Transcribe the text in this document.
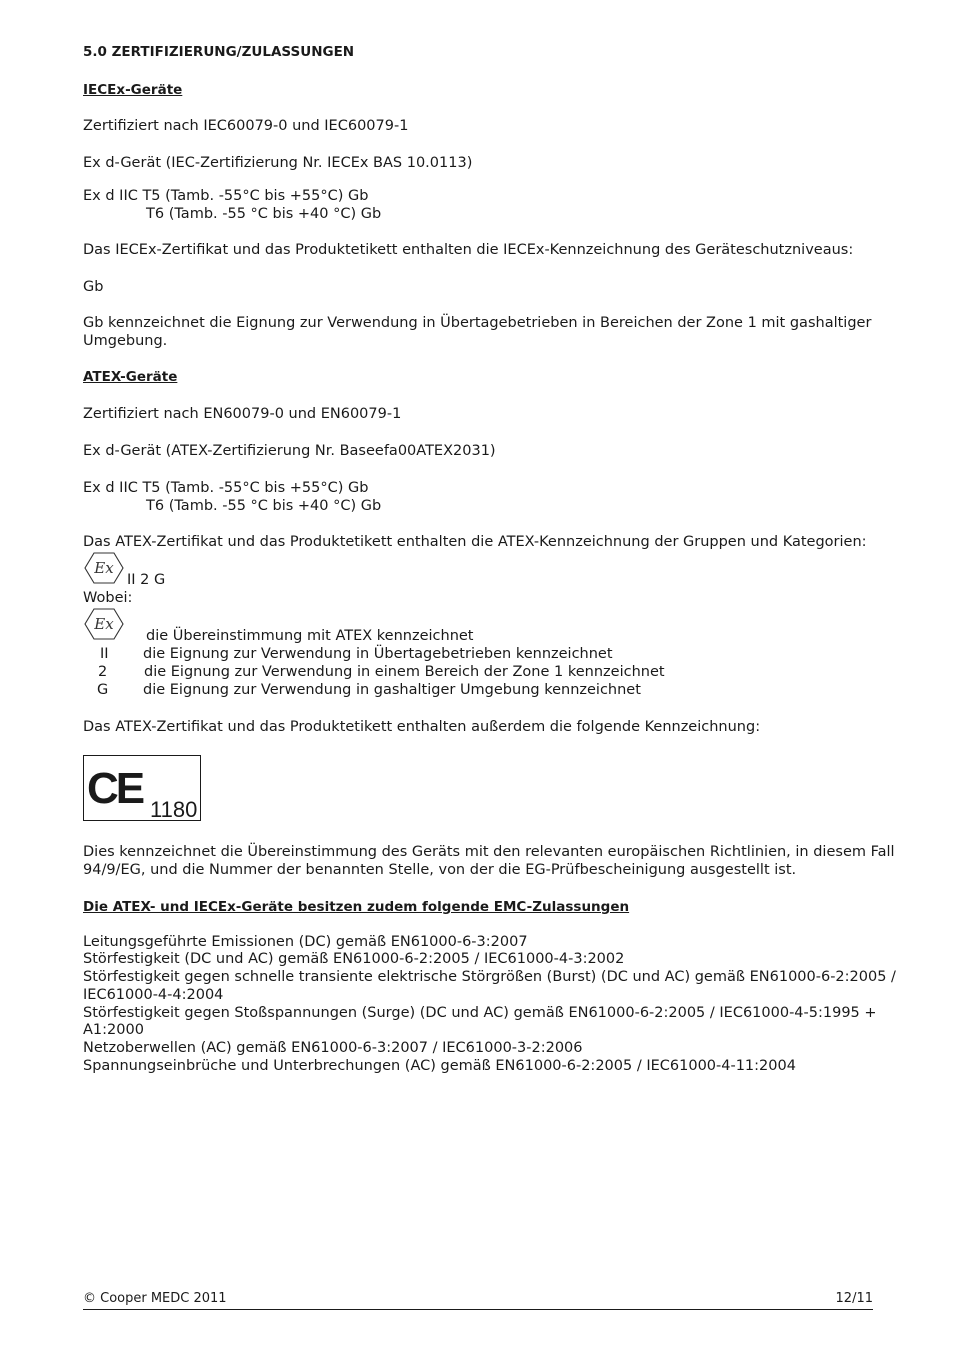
5.0 ZERTIFIZIERUNG/ZULASSUNGEN
IECEx-Geräte
Zertifiziert nach IEC60079-0 und IEC60079-1
Ex d-Gerät (IEC-Zertifizierung Nr. IECEx BAS 10.0113)
Ex d IIC T5 (Tamb. -55°C bis +55°C) Gb
T6 (Tamb. -55 °C bis +40 °C) Gb
Das IECEx-Zertifikat und das Produktetikett enthalten die IECEx-Kennzeichnung des Geräteschutzniveaus:
Gb
Gb kennzeichnet die Eignung zur Verwendung in Übertagebetrieben in Bereichen der Zone 1 mit gashaltiger
Umgebung.
ATEX-Geräte
Zertifiziert nach EN60079-0 und EN60079-1
Ex d-Gerät (ATEX-Zertifizierung Nr. Baseefa00ATEX2031)
Ex d IIC T5 (Tamb. -55°C bis +55°C) Gb
T6 (Tamb. -55 °C bis +40 °C) Gb
Das ATEX-Zertifikat und das Produktetikett enthalten die ATEX-Kennzeichnung der Gruppen und Kategorien:
Ex
II 2 G
Wobei:
Ex
die Übereinstimmung mit ATEX kennzeichnet
II die Eignung zur Verwendung in Übertagebetrieben kennzeichnet
2	die Eignung zur Verwendung in einem Bereich der Zone 1 kennzeichnet
G die Eignung zur Verwendung in gashaltiger Umgebung kennzeichnet
Das ATEX-Zertifikat und das Produktetikett enthalten außerdem die folgende Kennzeichnung:
CE 1180
Dies kennzeichnet die Übereinstimmung des Geräts mit den relevanten europäischen Richtlinien, in diesem Fall
94/9/EG, und die Nummer der benannten Stelle, von der die EG-Prüfbescheinigung ausgestellt ist.
Die ATEX- und IECEx-Geräte besitzen zudem folgende EMC-Zulassungen
Leitungsgeführte Emissionen (DC) gemäß EN61000-6-3:2007
Störfestigkeit (DC und AC) gemäß EN61000-6-2:2005 / IEC61000-4-3:2002
Störfestigkeit gegen schnelle transiente elektrische Störgrößen (Burst) (DC und AC) gemäß EN61000-6-2:2005 /
IEC61000-4-4:2004
Störfestigkeit gegen Stoßspannungen (Surge) (DC und AC) gemäß EN61000-6-2:2005 / IEC61000-4-5:1995 +
A1:2000
Netzoberwellen (AC) gemäß EN61000-6-3:2007 / IEC61000-3-2:2006
Spannungseinbrüche und Unterbrechungen (AC) gemäß EN61000-6-2:2005 / IEC61000-4-11:2004
© Cooper MEDC 2011	12/11
